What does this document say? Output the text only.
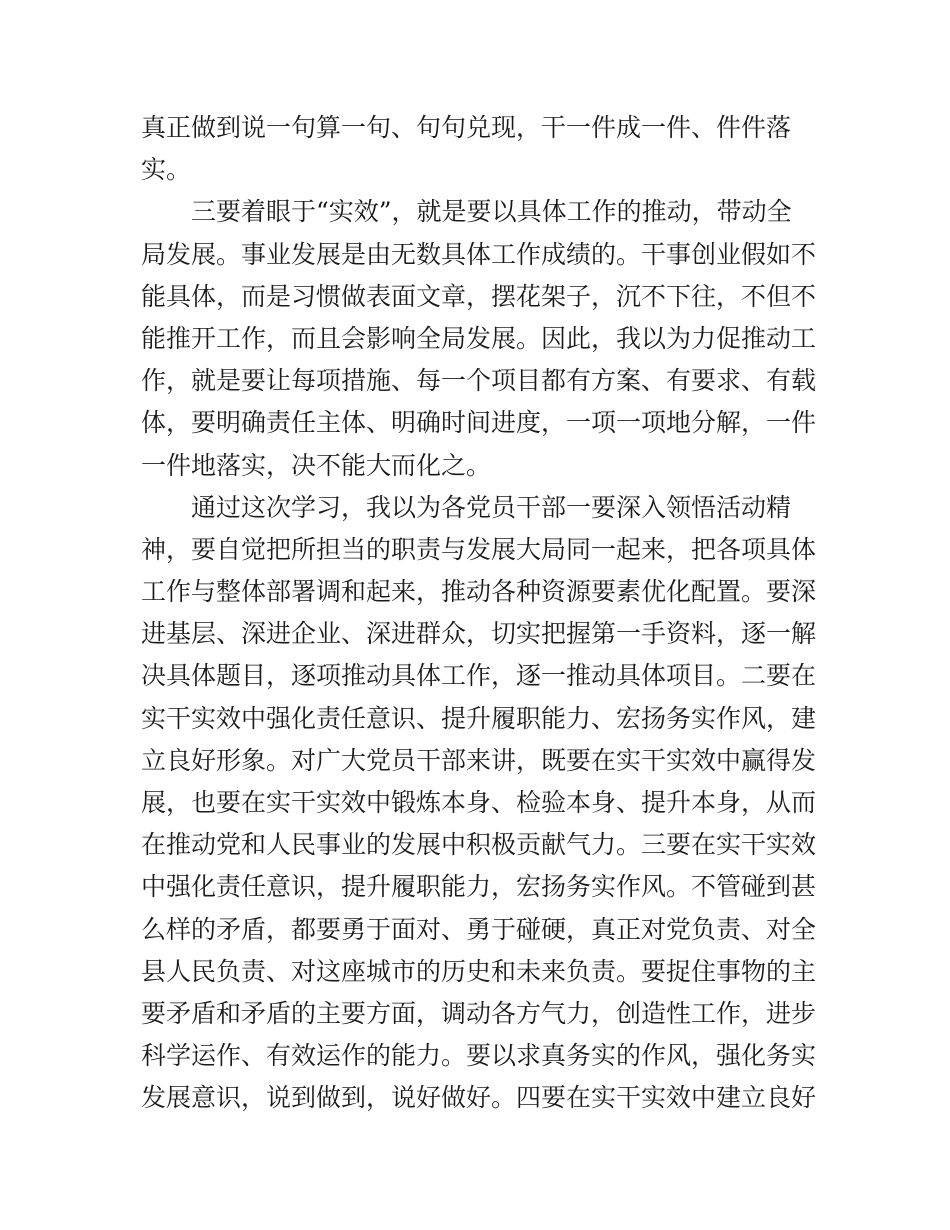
真正做到说一句算一句、句句兑现，干一件成一件、件件落
实。
三要着眼于“实效”，就是要以具体工作的推动，带动全
局发展。事业发展是由无数具体工作成绩的。干事创业假如不
能具体，而是习惯做表面文章，摆花架子，沉不下往，不但不
能推开工作，而且会影响全局发展。因此，我以为力促推动工
作，就是要让每项措施、每一个项目都有方案、有要求、有载
体，要明确责任主体、明确时间进度，一项一项地分解，一件
一件地落实，决不能大而化之。
通过这次学习，我以为各党员干部一要深入领悟活动精
神，要自觉把所担当的职责与发展大局同一起来，把各项具体
工作与整体部署调和起来，推动各种资源要素优化配置。要深
进基层、深进企业、深进群众，切实把握第一手资料，逐一解
决具体题目，逐项推动具体工作，逐一推动具体项目。二要在
实干实效中强化责任意识、提升履职能力、宏扬务实作风，建
立良好形象。对广大党员干部来讲，既要在实干实效中赢得发
展，也要在实干实效中锻炼本身、检验本身、提升本身，从而
在推动党和人民事业的发展中积极贡献气力。三要在实干实效
中强化责任意识，提升履职能力，宏扬务实作风。不管碰到甚
么样的矛盾，都要勇于面对、勇于碰硬，真正对党负责、对全
县人民负责、对这座城市的历史和未来负责。要捉住事物的主
要矛盾和矛盾的主要方面，调动各方气力，创造性工作，进步
科学运作、有效运作的能力。要以求真务实的作风，强化务实
发展意识，说到做到，说好做好。四要在实干实效中建立良好
